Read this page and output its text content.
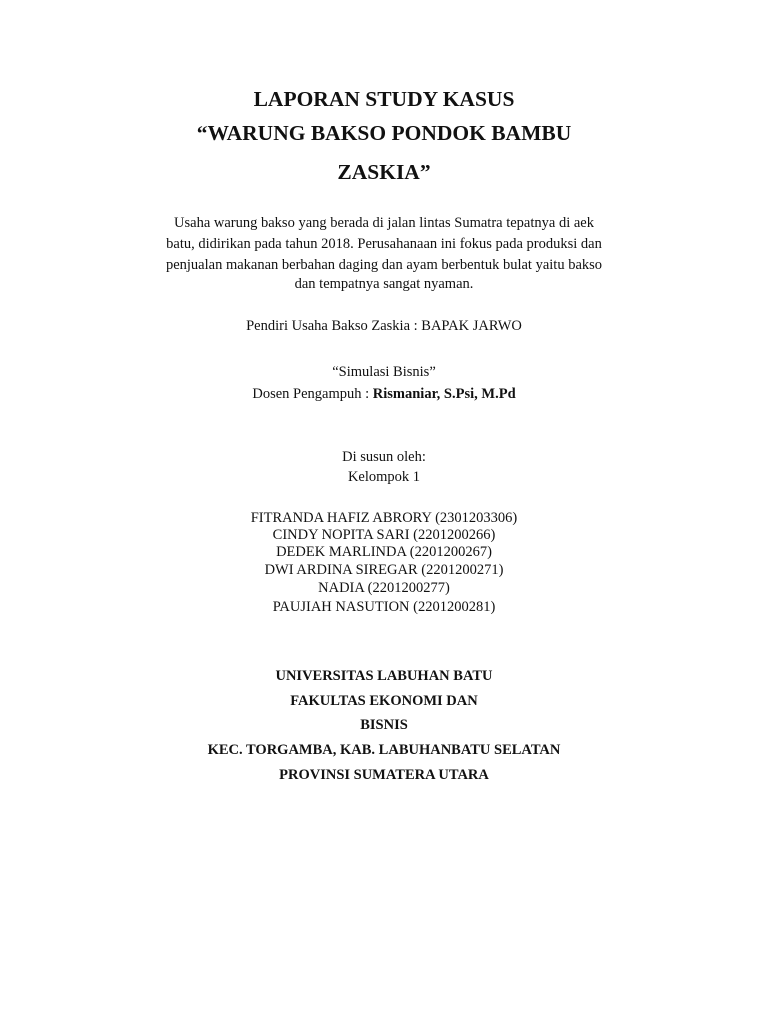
LAPORAN STUDY KASUS
“WARUNG BAKSO PONDOK BAMBU
ZASKIA”
Usaha warung bakso yang berada di jalan lintas Sumatra tepatnya di aek
batu, didirikan pada tahun 2018. Perusahanaan ini fokus pada produksi dan
penjualan makanan berbahan daging dan ayam berbentuk bulat yaitu bakso
dan tempatnya sangat nyaman.
Pendiri Usaha Bakso Zaskia : BAPAK JARWO
“Simulasi Bisnis”
Dosen Pengampuh : Rismaniar, S.Psi, M.Pd
Di susun oleh:
Kelompok 1
FITRANDA HAFIZ ABRORY (2301203306)
CINDY NOPITA SARI (2201200266)
DEDEK MARLINDA (2201200267)
DWI ARDINA SIREGAR (2201200271)
NADIA (2201200277)
PAUJIAH NASUTION (2201200281)
UNIVERSITAS LABUHAN BATU
FAKULTAS EKONOMI DAN
BISNIS
KEC. TORGAMBA, KAB. LABUHANBATU SELATAN
PROVINSI SUMATERA UTARA
